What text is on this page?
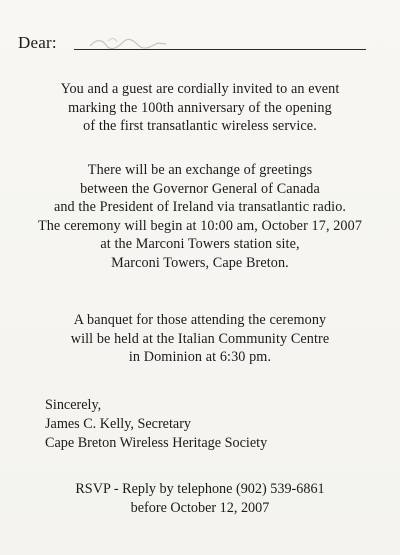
Dear:
You and a guest are cordially invited to an event
marking the 100th anniversary of the opening
of the first transatlantic wireless service.
There will be an exchange of greetings
between the Governor General of Canada
and the President of Ireland via transatlantic radio.
The ceremony will begin at 10:00 am, October 17, 2007
at the Marconi Towers station site,
Marconi Towers, Cape Breton.
A banquet for those attending the ceremony
will be held at the Italian Community Centre
in Dominion at 6:30 pm.
Sincerely,
James C. Kelly, Secretary
Cape Breton Wireless Heritage Society
RSVP - Reply by telephone (902) 539-6861
before October 12, 2007
